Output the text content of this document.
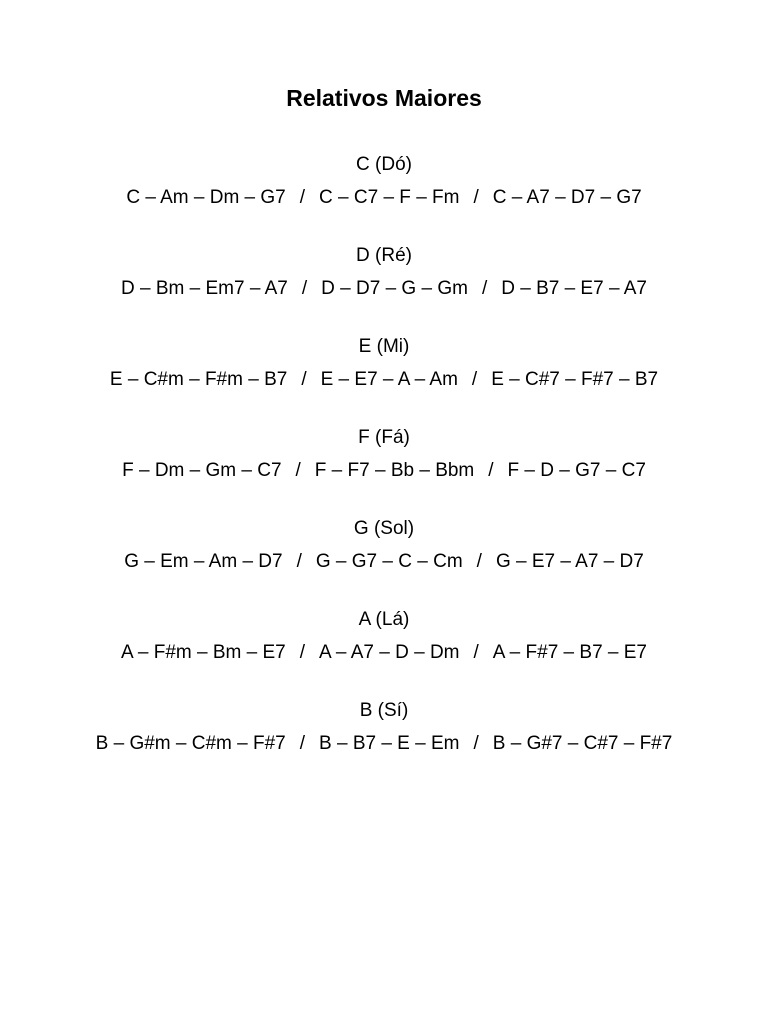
Relativos Maiores
C (Dó)
C – Am – Dm – G7 / C – C7 – F – Fm / C – A7 – D7 – G7
D (Ré)
D – Bm – Em7 – A7 / D – D7 – G – Gm / D – B7 – E7 – A7
E (Mi)
E – C#m – F#m – B7 / E – E7 – A – Am / E – C#7 – F#7 – B7
F (Fá)
F – Dm – Gm – C7 / F – F7 – Bb – Bbm / F – D – G7 – C7
G (Sol)
G – Em – Am – D7 / G – G7 – C – Cm / G – E7 – A7 – D7
A (Lá)
A – F#m – Bm – E7 / A – A7 – D – Dm / A – F#7 – B7 – E7
B (Sí)
B – G#m – C#m – F#7 / B – B7 – E – Em / B – G#7 – C#7 – F#7
